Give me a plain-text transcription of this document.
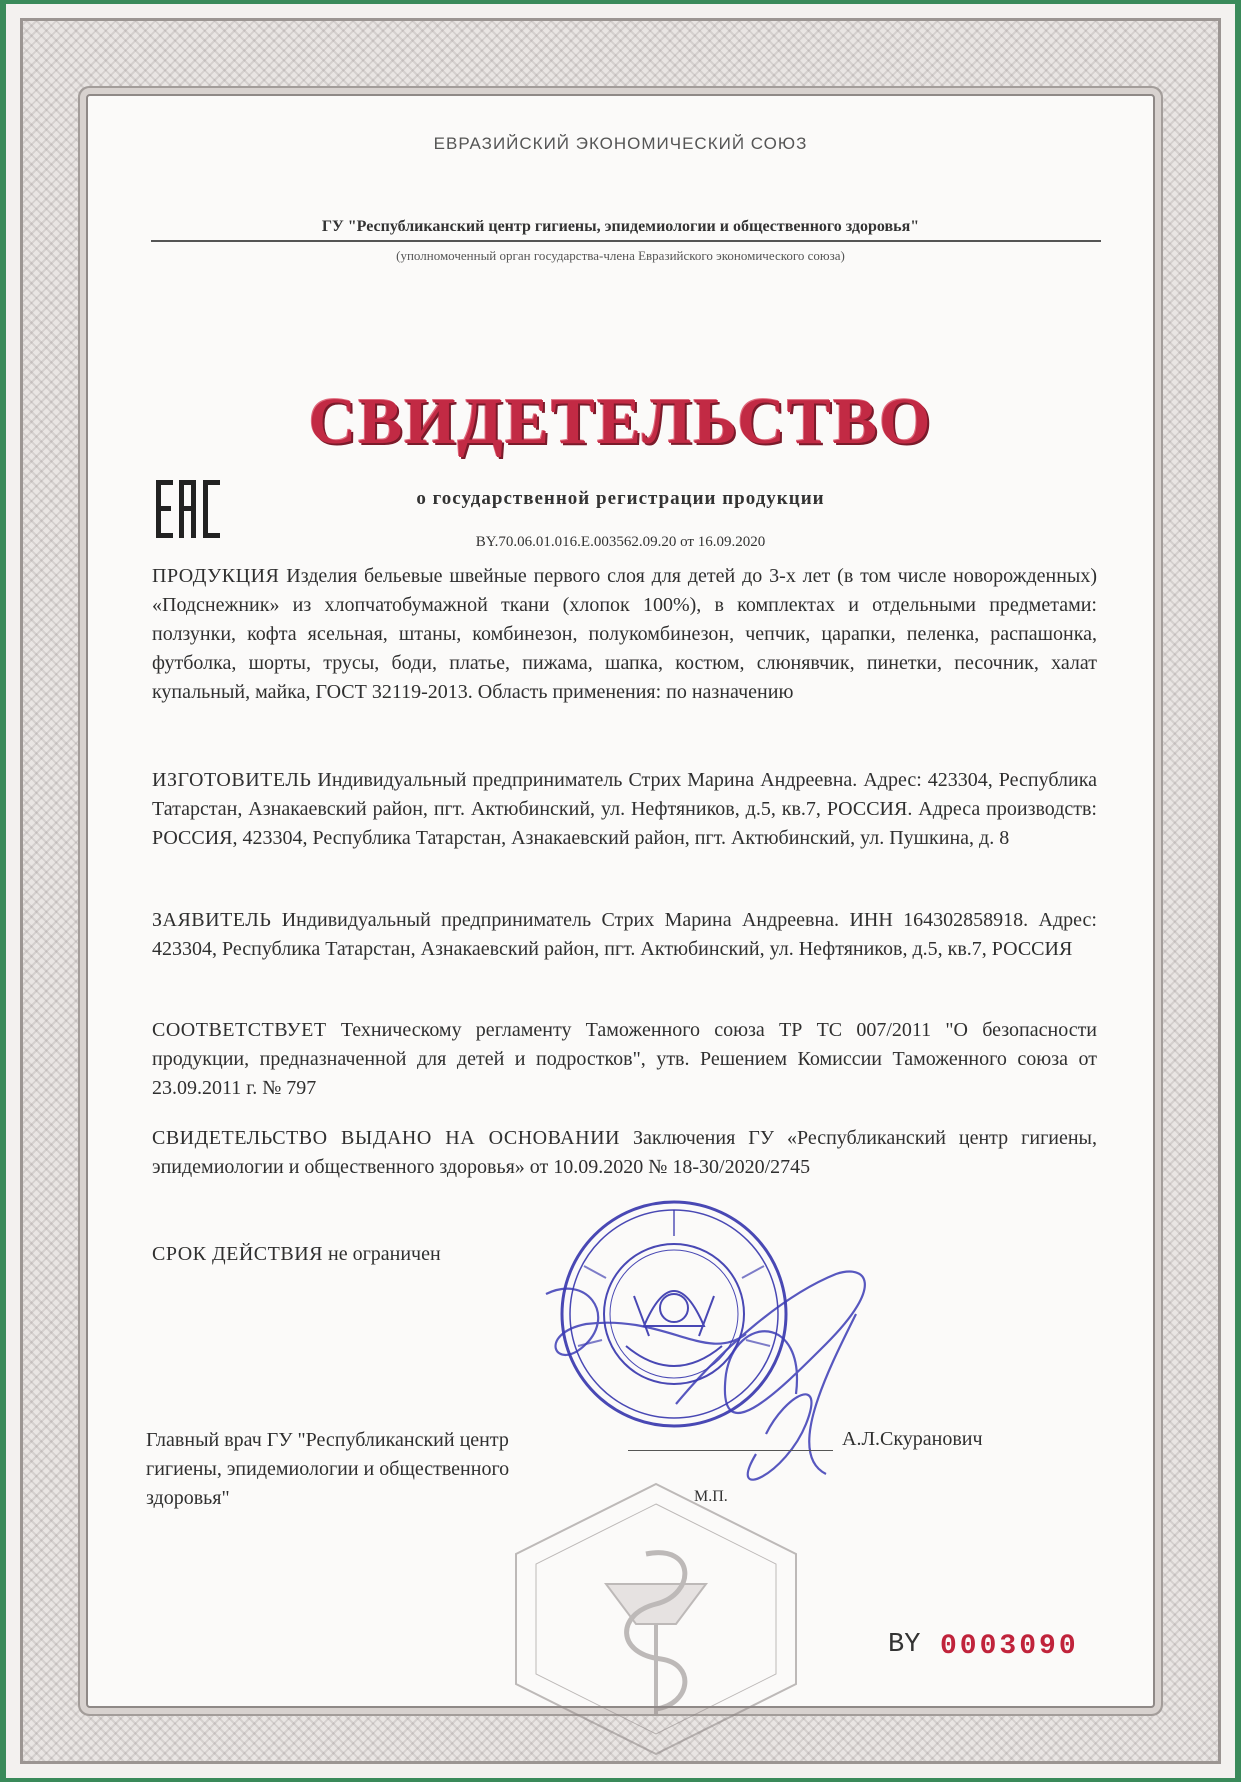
ЕВРАЗИЙСКИЙ ЭКОНОМИЧЕСКИЙ СОЮЗ
ГУ "Республиканский центр гигиены, эпидемиологии и общественного здоровья"
(уполномоченный орган государства-члена Евразийского экономического союза)
СВИДЕТЕЛЬСТВО
о государственной регистрации продукции
BY.70.06.01.016.Е.003562.09.20 от 16.09.2020
ПРОДУКЦИЯ Изделия бельевые швейные первого слоя для детей до 3-х лет (в том числе новорожденных) «Подснежник» из хлопчатобумажной ткани (хлопок 100%), в комплектах и отдельными предметами: ползунки, кофта ясельная, штаны, комбинезон, полукомбинезон, чепчик, царапки, пеленка, распашонка, футболка, шорты, трусы, боди, платье, пижама, шапка, костюм, слюнявчик, пинетки, песочник, халат купальный, майка, ГОСТ 32119-2013. Область применения: по назначению
ИЗГОТОВИТЕЛЬ Индивидуальный предприниматель Стрих Марина Андреевна. Адрес: 423304, Республика Татарстан, Азнакаевский район, пгт. Актюбинский, ул. Нефтяников, д.5, кв.7, РОССИЯ. Адреса производств: РОССИЯ, 423304, Республика Татарстан, Азнакаевский район, пгт. Актюбинский, ул. Пушкина, д. 8
ЗАЯВИТЕЛЬ Индивидуальный предприниматель Стрих Марина Андреевна. ИНН 164302858918. Адрес: 423304, Республика Татарстан, Азнакаевский район, пгт. Актюбинский, ул. Нефтяников, д.5, кв.7, РОССИЯ
СООТВЕТСТВУЕТ Техническому регламенту Таможенного союза ТР ТС 007/2011 "О безопасности продукции, предназначенной для детей и подростков", утв. Решением Комиссии Таможенного союза от 23.09.2011 г. № 797
СВИДЕТЕЛЬСТВО ВЫДАНО НА ОСНОВАНИИ Заключения ГУ «Республиканский центр гигиены, эпидемиологии и общественного здоровья» от 10.09.2020 № 18-30/2020/2745
СРОК ДЕЙСТВИЯ не ограничен
Главный врач ГУ "Республиканский центр гигиены, эпидемиологии и общественного здоровья"
А.Л.Скуранович
М.П.
BY 0003090
